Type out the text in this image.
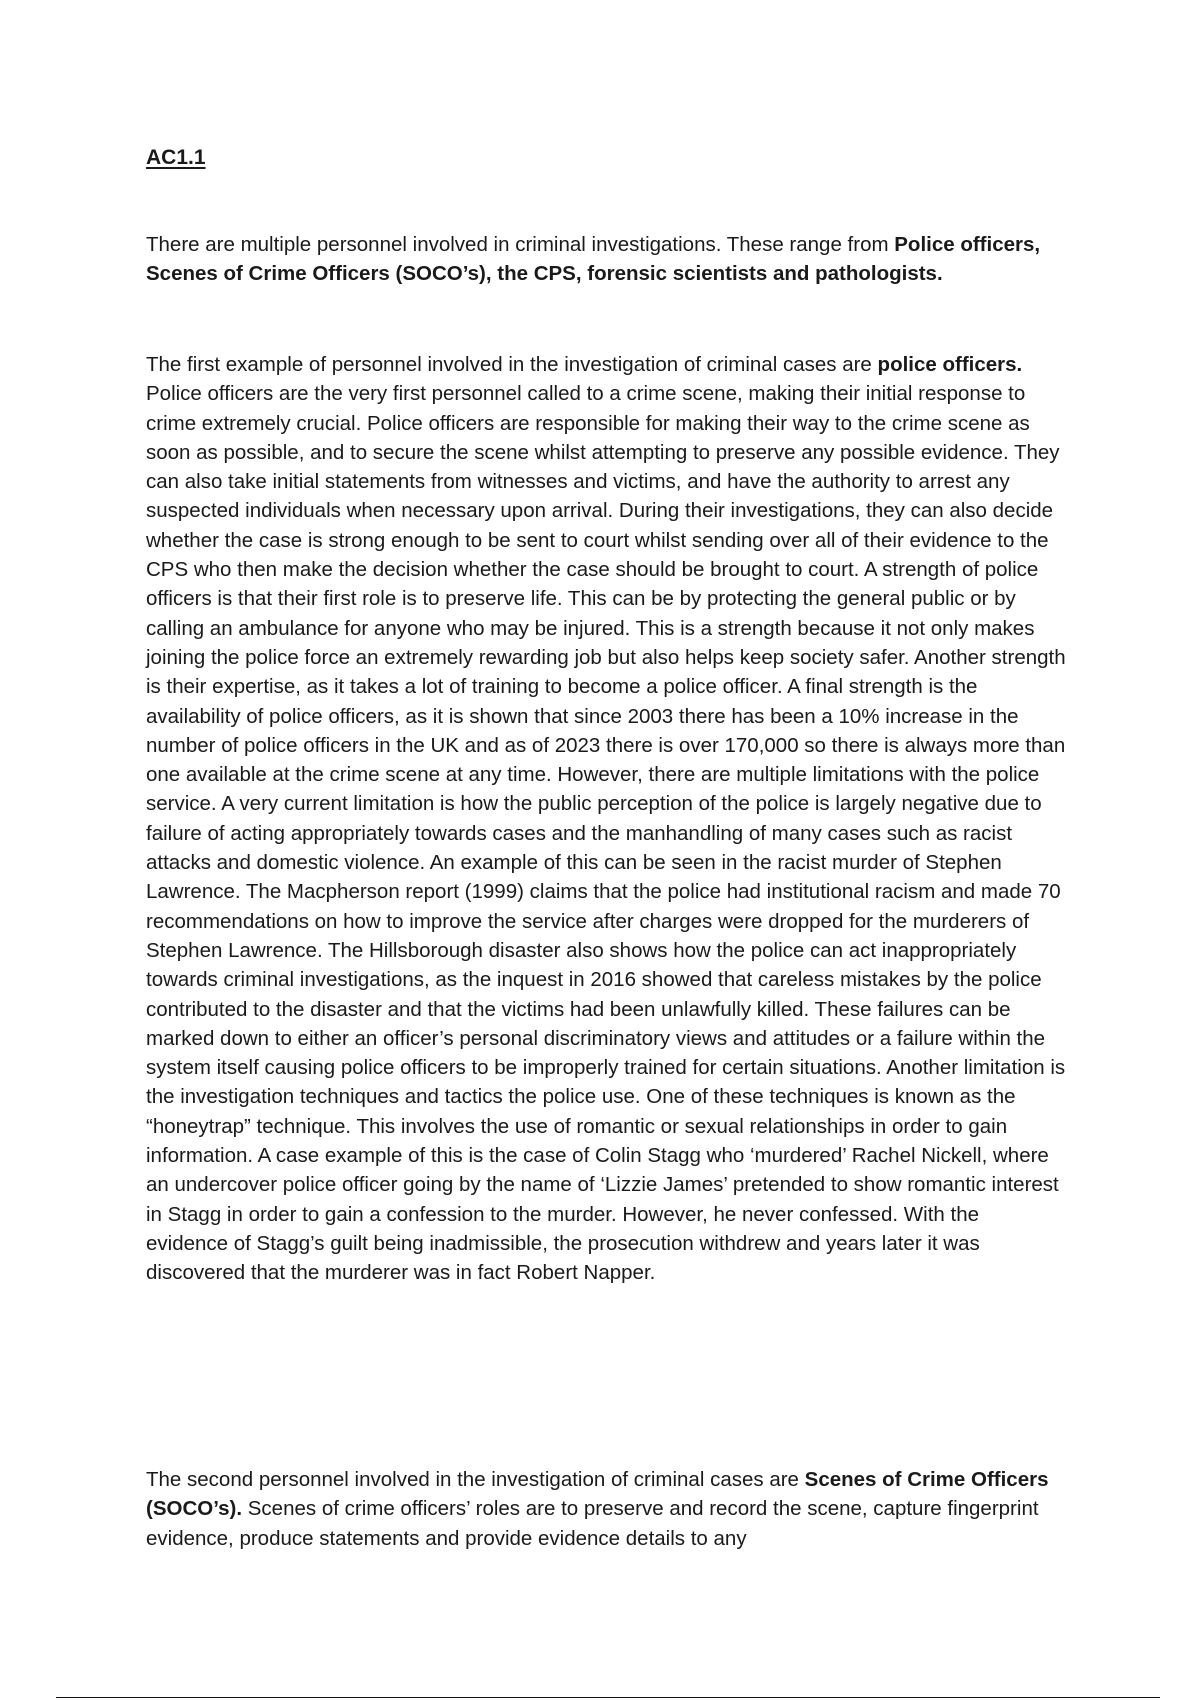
AC1.1

There are multiple personnel involved in criminal investigations. These range from Police officers, Scenes of Crime Officers (SOCO’s), the CPS, forensic scientists and pathologists.

The first example of personnel involved in the investigation of criminal cases are police officers. Police officers are the very first personnel called to a crime scene, making their initial response to crime extremely crucial. Police officers are responsible for making their way to the crime scene as soon as possible, and to secure the scene whilst attempting to preserve any possible evidence. They can also take initial statements from witnesses and victims, and have the authority to arrest any suspected individuals when necessary upon arrival. During their investigations, they can also decide whether the case is strong enough to be sent to court whilst sending over all of their evidence to the CPS who then make the decision whether the case should be brought to court. A strength of police officers is that their first role is to preserve life. This can be by protecting the general public or by calling an ambulance for anyone who may be injured. This is a strength because it not only makes joining the police force an extremely rewarding job but also helps keep society safer. Another strength is their expertise, as it takes a lot of training to become a police officer. A final strength is the availability of police officers, as it is shown that since 2003 there has been a 10% increase in the number of police officers in the UK and as of 2023 there is over 170,000 so there is always more than one available at the crime scene at any time. However, there are multiple limitations with the police service. A very current limitation is how the public perception of the police is largely negative due to failure of acting appropriately towards cases and the manhandling of many cases such as racist attacks and domestic violence. An example of this can be seen in the racist murder of Stephen Lawrence. The Macpherson report (1999) claims that the police had institutional racism and made 70 recommendations on how to improve the service after charges were dropped for the murderers of Stephen Lawrence. The Hillsborough disaster also shows how the police can act inappropriately towards criminal investigations, as the inquest in 2016 showed that careless mistakes by the police contributed to the disaster and that the victims had been unlawfully killed. These failures can be marked down to either an officer’s personal discriminatory views and attitudes or a failure within the system itself causing police officers to be improperly trained for certain situations. Another limitation is the investigation techniques and tactics the police use. One of these techniques is known as the “honeytrap” technique. This involves the use of romantic or sexual relationships in order to gain information. A case example of this is the case of Colin Stagg who ‘murdered’ Rachel Nickell, where an undercover police officer going by the name of ‘Lizzie James’ pretended to show romantic interest in Stagg in order to gain a confession to the murder. However, he never confessed. With the evidence of Stagg’s guilt being inadmissible, the prosecution withdrew and years later it was discovered that the murderer was in fact Robert Napper.

The second personnel involved in the investigation of criminal cases are Scenes of Crime Officers (SOCO’s). Scenes of crime officers’ roles are to preserve and record the scene, capture fingerprint evidence, produce statements and provide evidence details to any
